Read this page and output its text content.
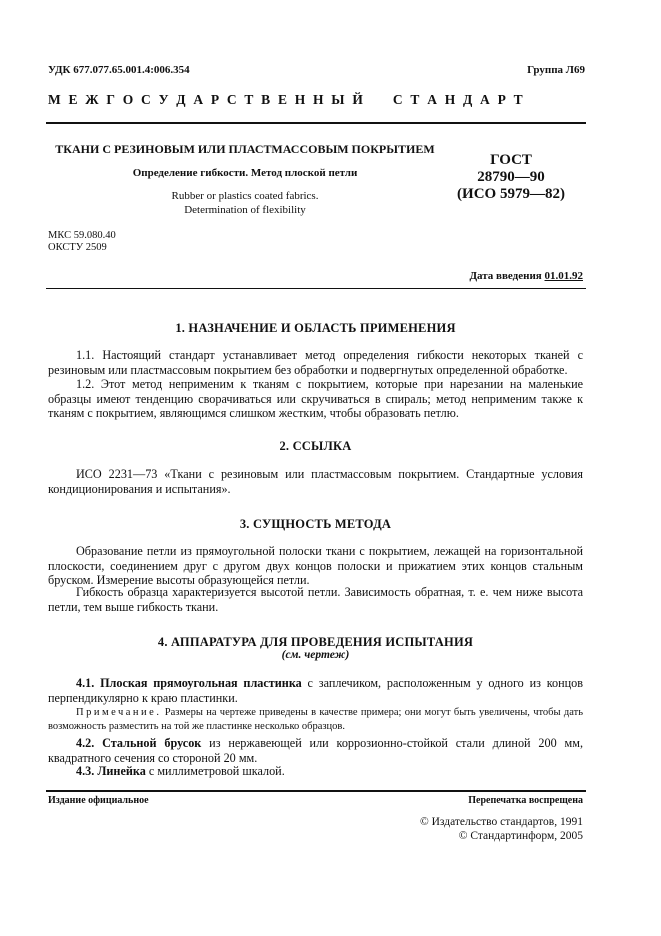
УДК 677.077.65.001.4:006.354	Группа Л69
М Е Ж Г О С У Д А Р С Т В Е Н Н Ы Й     С Т А Н Д А Р Т
ТКАНИ С РЕЗИНОВЫМ ИЛИ ПЛАСТМАССОВЫМ ПОКРЫТИЕМ
Определение гибкости. Метод плоской петли
Rubber or plastics coated fabrics.
Determination of flexibility
ГОСТ
28790—90
(ИСО 5979—82)
МКС 59.080.40
ОКСТУ 2509
Дата введения 01.01.92
1. НАЗНАЧЕНИЕ И ОБЛАСТЬ ПРИМЕНЕНИЯ
1.1. Настоящий стандарт устанавливает метод определения гибкости некоторых тканей с резиновым или пластмассовым покрытием без обработки и подвергнутых определенной обработке.
1.2. Этот метод неприменим к тканям с покрытием, которые при нарезании на маленькие образцы имеют тенденцию сворачиваться или скручиваться в спираль; метод неприменим также к тканям с покрытием, являющимся слишком жестким, чтобы образовать петлю.
2. ССЫЛКА
ИСО 2231—73 «Ткани с резиновым или пластмассовым покрытием. Стандартные условия кондиционирования и испытания».
3. СУЩНОСТЬ МЕТОДА
Образование петли из прямоугольной полоски ткани с покрытием, лежащей на горизонтальной плоскости, соединением друг с другом двух концов полоски и прижатием этих концов стальным бруском. Измерение высоты образующейся петли.
Гибкость образца характеризуется высотой петли. Зависимость обратная, т. е. чем ниже высота петли, тем выше гибкость ткани.
4. АППАРАТУРА ДЛЯ ПРОВЕДЕНИЯ ИСПЫТАНИЯ
(см. чертеж)
4.1. Плоская прямоугольная пластинка с заплечиком, расположенным у одного из концов перпендикулярно к краю пластинки.
Примечание. Размеры на чертеже приведены в качестве примера; они могут быть увеличены, чтобы дать возможность разместить на той же пластинке несколько образцов.
4.2. Стальной брусок из нержавеющей или коррозионно-стойкой стали длиной 200 мм, квадратного сечения со стороной 20 мм.
4.3. Линейка с миллиметровой шкалой.
Издание официальное	Перепечатка воспрещена
© Издательство стандартов, 1991
© Стандартинформ, 2005
